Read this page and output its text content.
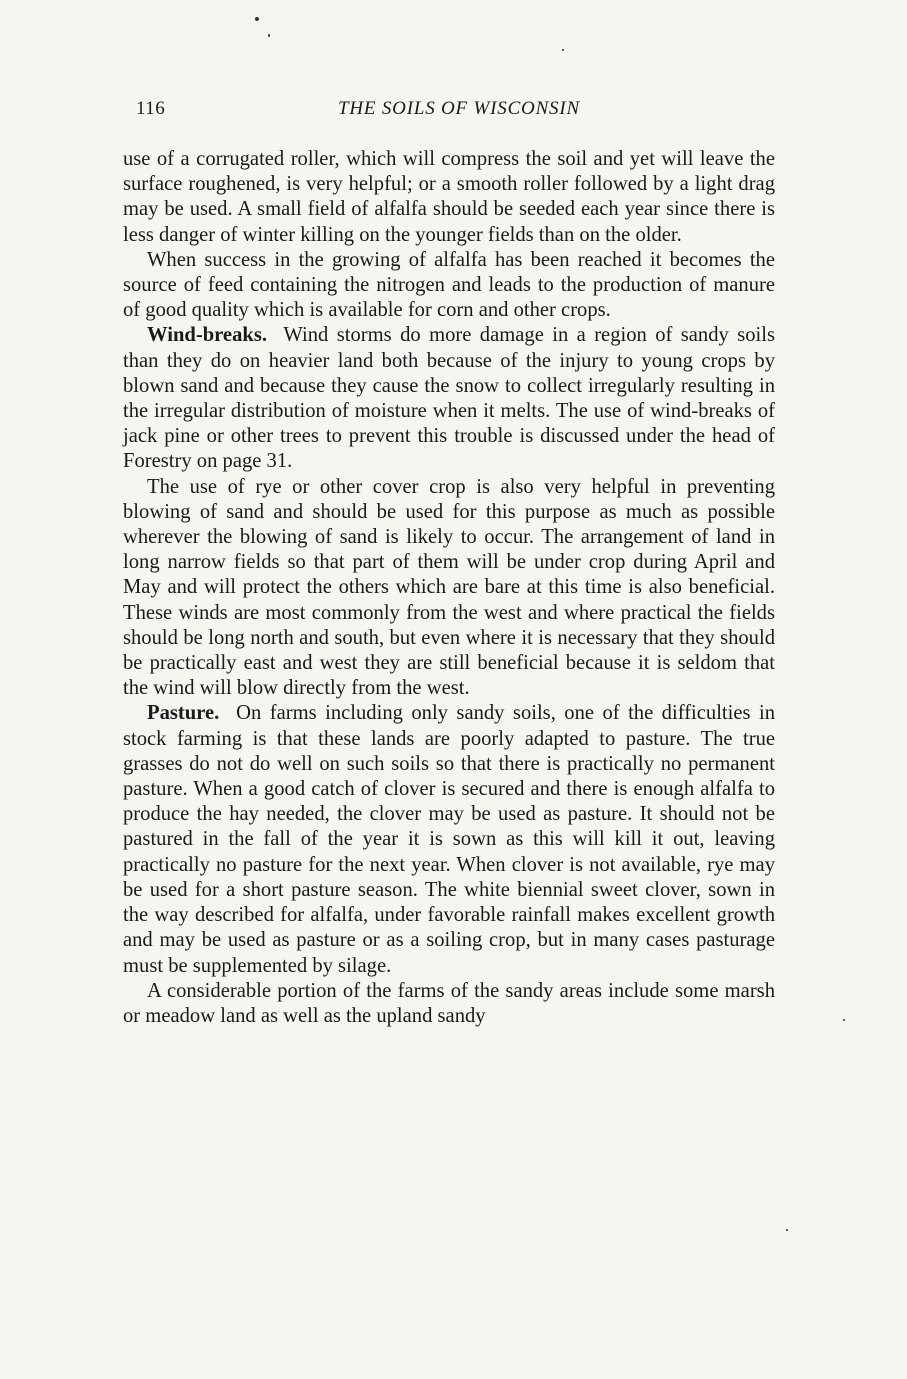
116	THE SOILS OF WISCONSIN

use of a corrugated roller, which will compress the soil and yet will leave the surface roughened, is very helpful; or a smooth roller followed by a light drag may be used. A small field of alfalfa should be seeded each year since there is less danger of winter killing on the younger fields than on the older.

When success in the growing of alfalfa has been reached it becomes the source of feed containing the nitrogen and leads to the production of manure of good quality which is available for corn and other crops.

Wind-breaks. Wind storms do more damage in a region of sandy soils than they do on heavier land both because of the injury to young crops by blown sand and because they cause the snow to collect irregularly resulting in the irregular distribution of moisture when it melts. The use of wind-breaks of jack pine or other trees to prevent this trouble is discussed under the head of Forestry on page 31.

The use of rye or other cover crop is also very helpful in preventing blowing of sand and should be used for this purpose as much as possible wherever the blowing of sand is likely to occur. The arrangement of land in long narrow fields so that part of them will be under crop during April and May and will protect the others which are bare at this time is also beneficial. These winds are most commonly from the west and where practical the fields should be long north and south, but even where it is necessary that they should be practically east and west they are still beneficial because it is seldom that the wind will blow directly from the west.

Pasture. On farms including only sandy soils, one of the difficulties in stock farming is that these lands are poorly adapted to pasture. The true grasses do not do well on such soils so that there is practically no permanent pasture. When a good catch of clover is secured and there is enough alfalfa to produce the hay needed, the clover may be used as pasture. It should not be pastured in the fall of the year it is sown as this will kill it out, leaving practically no pasture for the next year. When clover is not available, rye may be used for a short pasture season. The white biennial sweet clover, sown in the way described for alfalfa, under favorable rainfall makes excellent growth and may be used as pasture or as a soiling crop, but in many cases pasturage must be supplemented by silage.

A considerable portion of the farms of the sandy areas include some marsh or meadow land as well as the upland sandy
